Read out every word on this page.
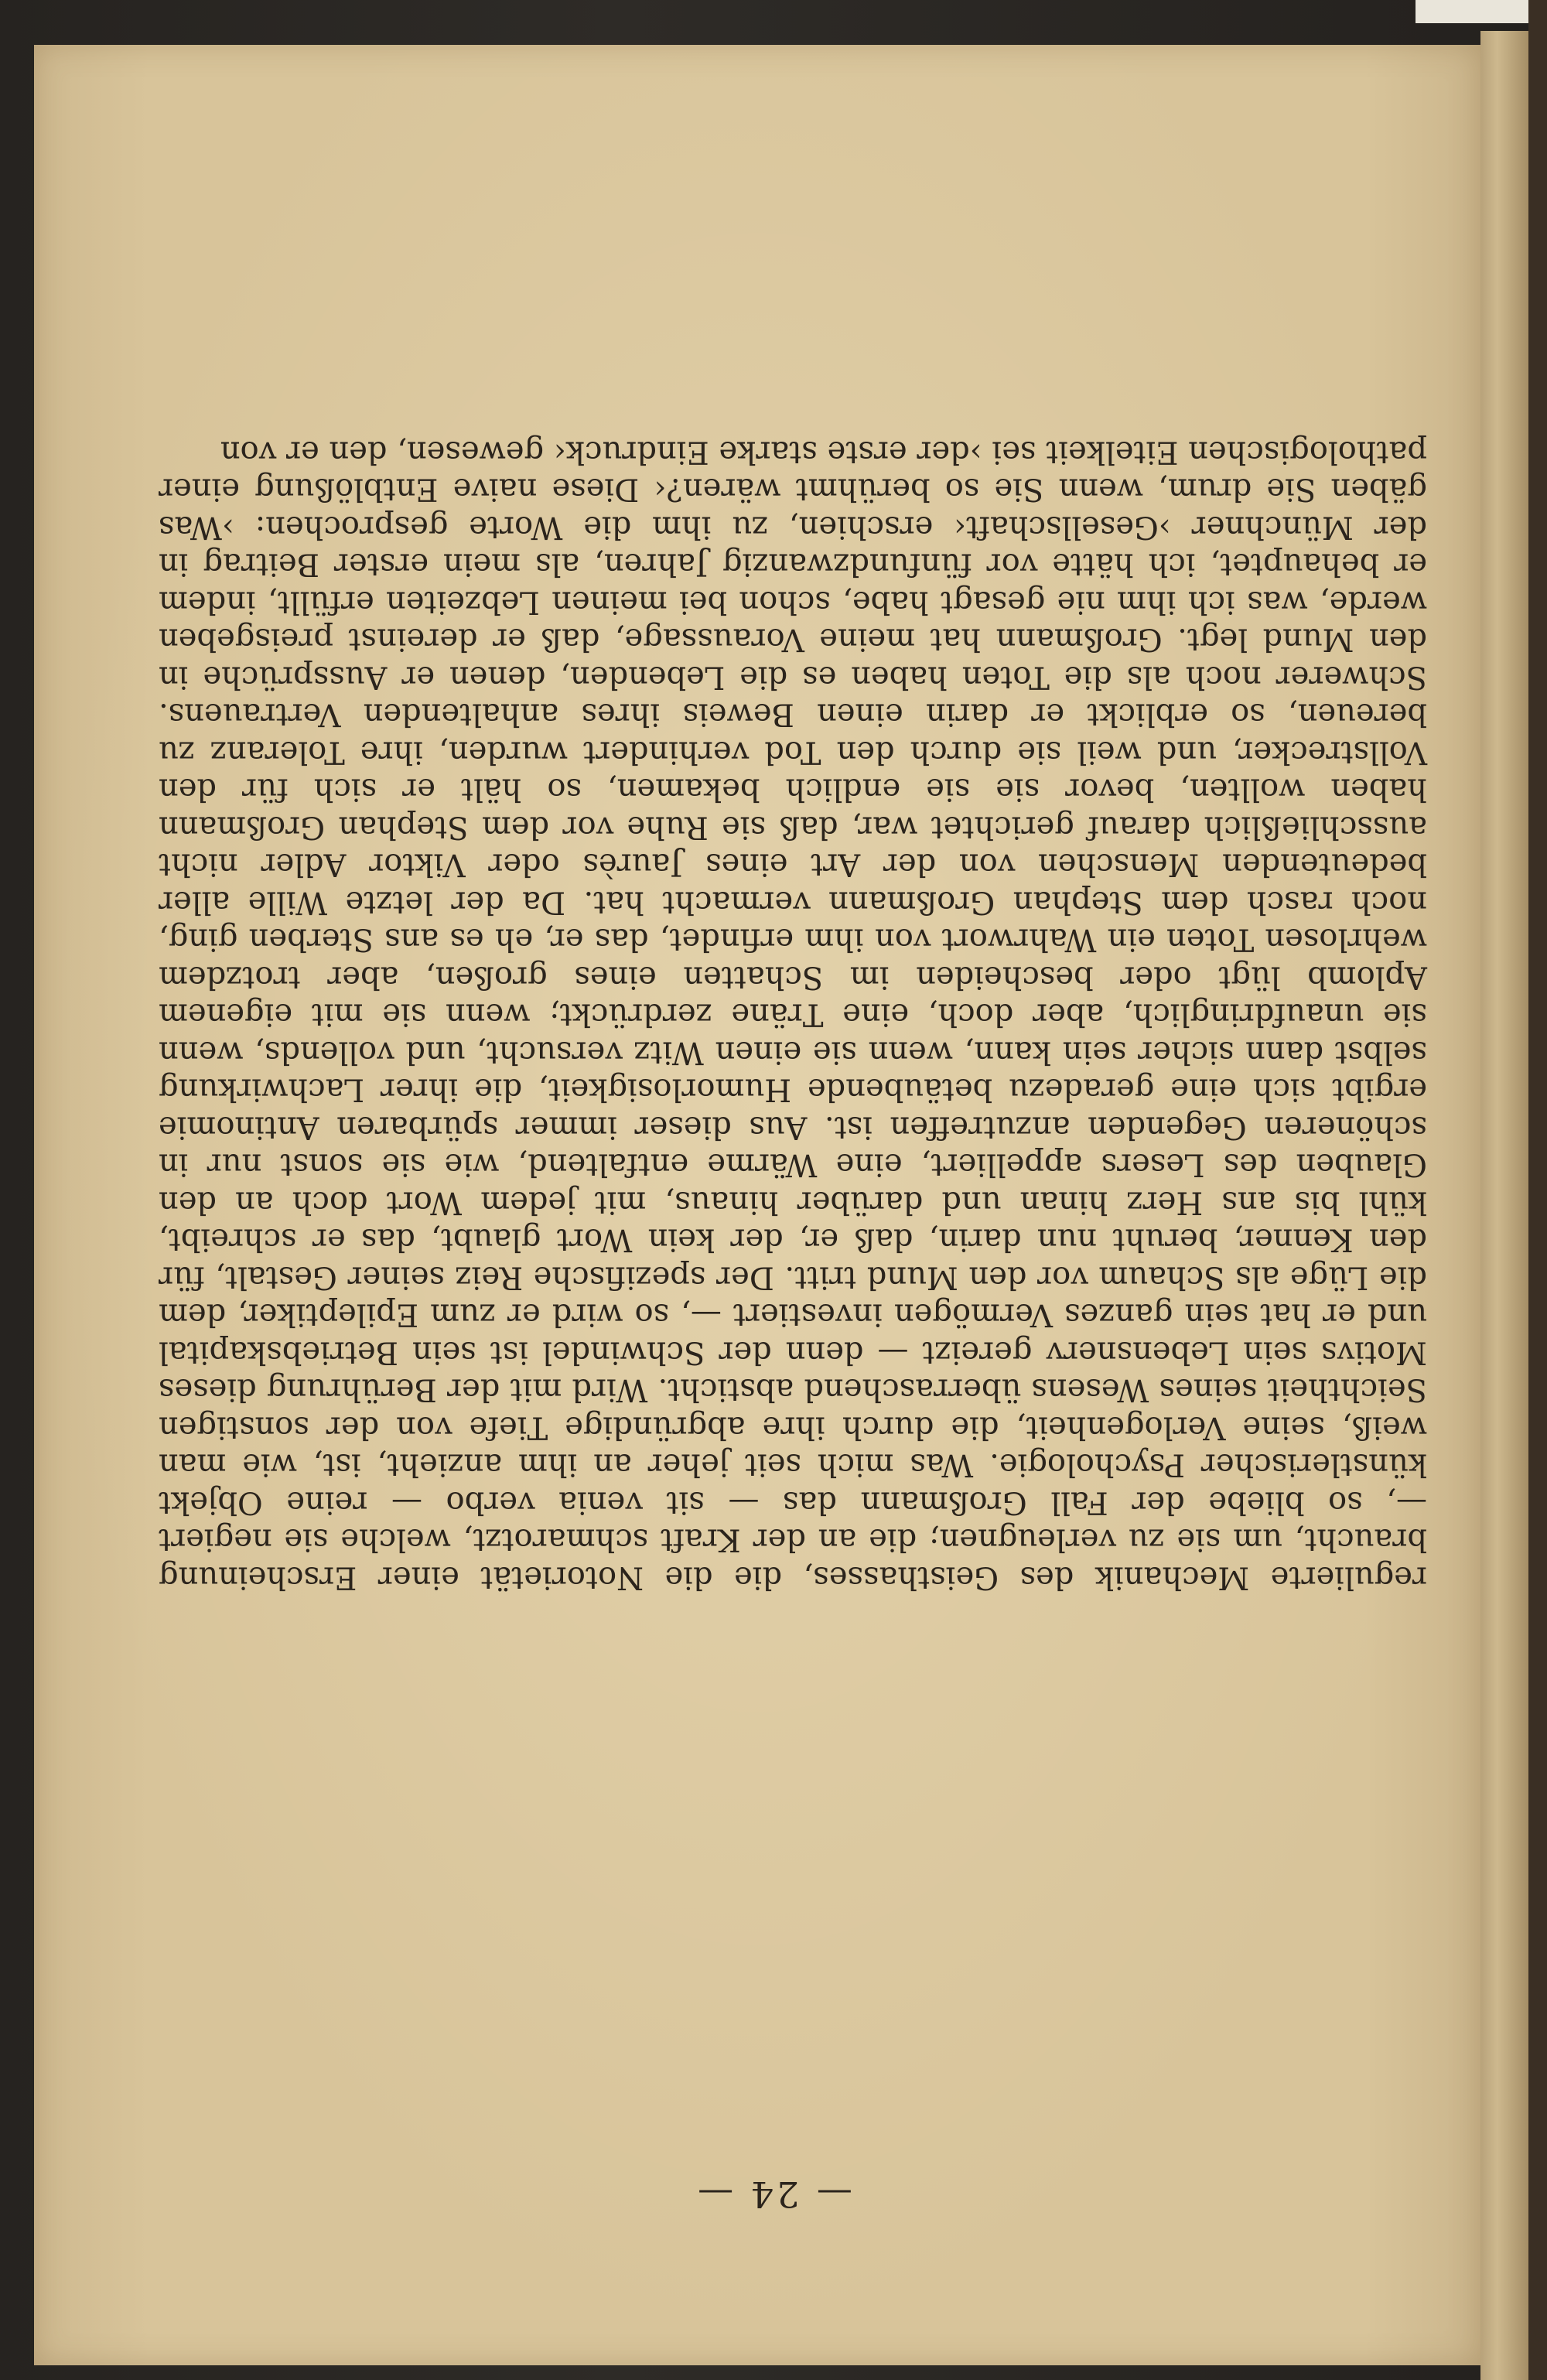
regulierte Mechanik des Geisthasses, die die Notorietät einer Erscheinung braucht, um sie zu verleugnen; die an der Kraft schmarotzt, welche sie negiert —, so bliebe der Fall Großmann das — sit venia verbo — reine Objekt künstlerischer Psychologie. Was mich seit jeher an ihm anzieht, ist, wie man weiß, seine Verlogenheit, die durch ihre abgründige Tiefe von der sonstigen Seichtheit seines Wesens überraschend absticht. Wird mit der Berührung dieses Motivs sein Lebensnerv gereizt — denn der Schwindel ist sein Betriebskapital und er hat sein ganzes Vermögen investiert —, so wird er zum Epileptiker, dem die Lüge als Schaum vor den Mund tritt. Der spezifische Reiz seiner Gestalt, für den Kenner, beruht nun darin, daß er, der kein Wort glaubt, das er schreibt, kühl bis ans Herz hinan und darüber hinaus, mit jedem Wort doch an den Glauben des Lesers appelliert, eine Wärme entfaltend, wie sie sonst nur in schöneren Gegenden anzutreffen ist. Aus dieser immer spürbaren Antinomie ergibt sich eine geradezu betäubende Humorlosigkeit, die ihrer Lachwirkung selbst dann sicher sein kann, wenn sie einen Witz versucht, und vollends, wenn sie unaufdringlich, aber doch, eine Träne zerdrückt; wenn sie mit eigenem Aplomb lügt oder bescheiden im Schatten eines großen, aber trotzdem wehrlosen Toten ein Wahrwort von ihm erfindet, das er, eh es ans Sterben ging, noch rasch dem Stephan Großmann vermacht hat. Da der letzte Wille aller bedeutenden Menschen von der Art eines Jaurès oder Viktor Adler nicht ausschließlich darauf gerichtet war, daß sie Ruhe vor dem Stephan Großmann haben wollten, bevor sie sie endlich bekamen, so hält er sich für den Vollstrecker, und weil sie durch den Tod verhindert wurden, ihre Toleranz zu bereuen, so erblickt er darin einen Beweis ihres anhaltenden Vertrauens. Schwerer noch als die Toten haben es die Lebenden, denen er Aussprüche in den Mund legt. Großmann hat meine Voraussage, daß er dereinst preisgeben werde, was ich ihm nie gesagt habe, schon bei meinen Lebzeiten erfüllt, indem er behauptet, ich hätte vor fünfundzwanzig Jahren, als mein erster Beitrag in der Münchner ›Gesellschaft‹ erschien, zu ihm die Worte gesprochen: ›Was gäben Sie drum, wenn Sie so berühmt wären?‹ Diese naive Entblößung einer pathologischen Eitelkeit sei ›der erste starke Eindruck‹ gewesen, den er von

— 24 —
